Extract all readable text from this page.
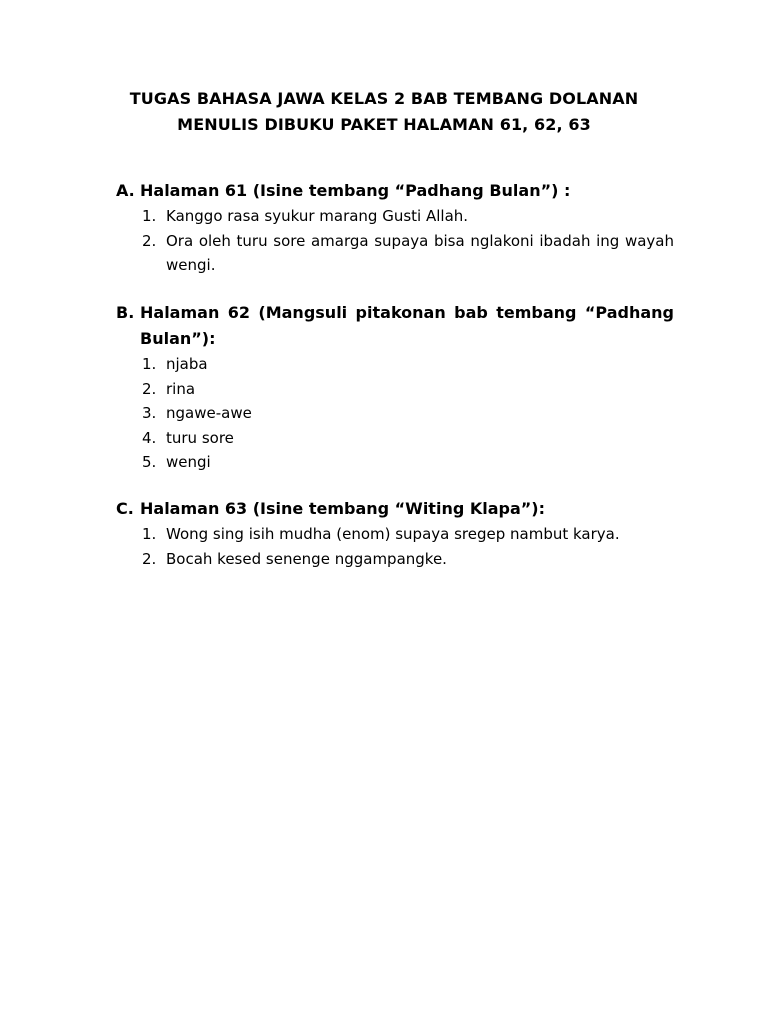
TUGAS BAHASA JAWA KELAS 2 BAB TEMBANG DOLANAN
MENULIS DIBUKU PAKET HALAMAN 61, 62, 63
A. Halaman 61 (Isine tembang “Padhang Bulan”) :
1. Kanggo rasa syukur marang Gusti Allah.
2. Ora oleh turu sore amarga supaya bisa nglakoni ibadah ing wayah wengi.
B. Halaman 62 (Mangsuli pitakonan bab tembang “Padhang Bulan”):
1. njaba
2. rina
3. ngawe-awe
4. turu sore
5. wengi
C. Halaman 63 (Isine tembang “Witing Klapa”):
1. Wong sing isih mudha (enom) supaya sregep nambut karya.
2. Bocah kesed senenge nggampangke.
